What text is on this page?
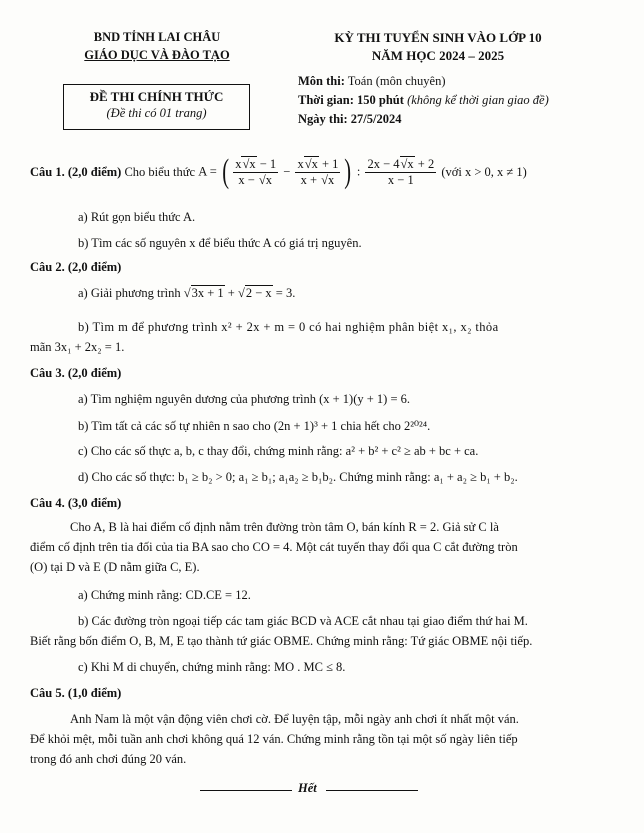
BND TỈNH LAI CHÂU
GIÁO DỤC VÀ ĐÀO TẠO
KỲ THI TUYỂN SINH VÀO LỚP 10
NĂM HỌC 2024 – 2025
ĐỀ THI CHÍNH THỨC
(Đề thi có 01 trang)
Môn thi: Toán (môn chuyên)
Thời gian: 150 phút (không kể thời gian giao đề)
Ngày thi: 27/5/2024
Câu 1. (2,0 điểm)
Cho biểu thức
A = ( $\frac{x√x - 1}{x - √x} - \frac{x√x + 1}{x + √x}$ ) : $\frac{2x - 4√x + 2}{x - 1}$
(với x > 0, x ≠ 1)
a) Rút gọn biểu thức A.
b) Tìm các số nguyên x để biểu thức A có giá trị nguyên.
Câu 2. (2,0 điểm)
a) Giải phương trình √3x + 1 + √2 − x = 3.
b) Tìm m để phương trình x² + 2x + m = 0 có hai nghiệm phân biệt x₁, x₂ thỏa
mãn 3x₁ + 2x₂ = 1.
Câu 3. (2,0 điểm)
a) Tìm nghiệm nguyên dương của phương trình (x + 1)(y + 1) = 6.
b) Tìm tất cả các số tự nhiên n sao cho (2n + 1)³ + 1 chia hết cho 2²⁰²⁴.
c) Cho các số thực a, b, c thay đổi, chứng minh rằng: a² + b² + c² ≥ ab + bc + ca.
d) Cho các số thực: b₁ ≥ b₂ > 0; a₁ ≥ b₁; a₁a₂ ≥ b₁b₂. Chứng minh rằng: a₁ + a₂ ≥ b₁ + b₂.
Câu 4. (3,0 điểm)
Cho A, B là hai điểm cố định nằm trên đường tròn tâm O, bán kính R = 2. Giả sử C là
điểm cố định trên tia đối của tia BA sao cho CO = 4. Một cát tuyến thay đổi qua C cắt đường tròn
(O) tại D và E (D nằm giữa C, E).
a) Chứng minh rằng: CD.CE = 12.
b) Các đường tròn ngoại tiếp các tam giác BCD và ACE cắt nhau tại giao điểm thứ hai M.
Biết rằng bốn điểm O, B, M, E tạo thành tứ giác OBME. Chứng minh rằng: Tứ giác OBME nội tiếp.
c) Khi M di chuyển, chứng minh rằng: MO . MC ≤ 8.
Câu 5. (1,0 điểm)
Anh Nam là một vận động viên chơi cờ. Để luyện tập, mỗi ngày anh chơi ít nhất một ván.
Để khỏi mệt, mỗi tuần anh chơi không quá 12 ván. Chứng minh rằng tồn tại một số ngày liên tiếp
trong đó anh chơi đúng 20 ván.
Hết
